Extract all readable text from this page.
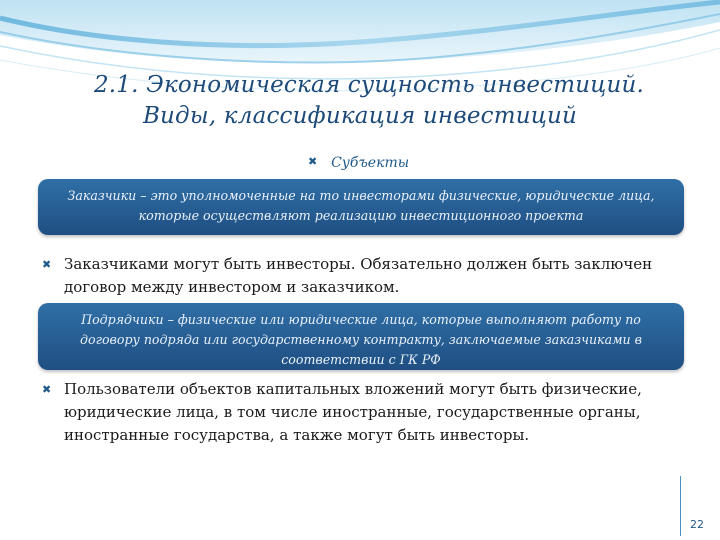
2.1. Экономическая сущность инвестиций.
Виды, классификация инвестиций
✖ Субъекты
Заказчики – это уполномоченные на то инвесторами физические, юридические лица,
которые осуществляют реализацию инвестиционного проекта
✖ Заказчиками могут быть инвесторы. Обязательно должен быть заключен
договор между инвестором и заказчиком.
Подрядчики – физические или юридические лица, которые выполняют работу по
договору подряда или государственному контракту, заключаемые заказчиками в
соответствии с ГК РФ
✖ Пользователи объектов капитальных вложений могут быть физические,
юридические лица, в том числе иностранные, государственные органы,
иностранные государства, а также могут быть инвесторы.
22
